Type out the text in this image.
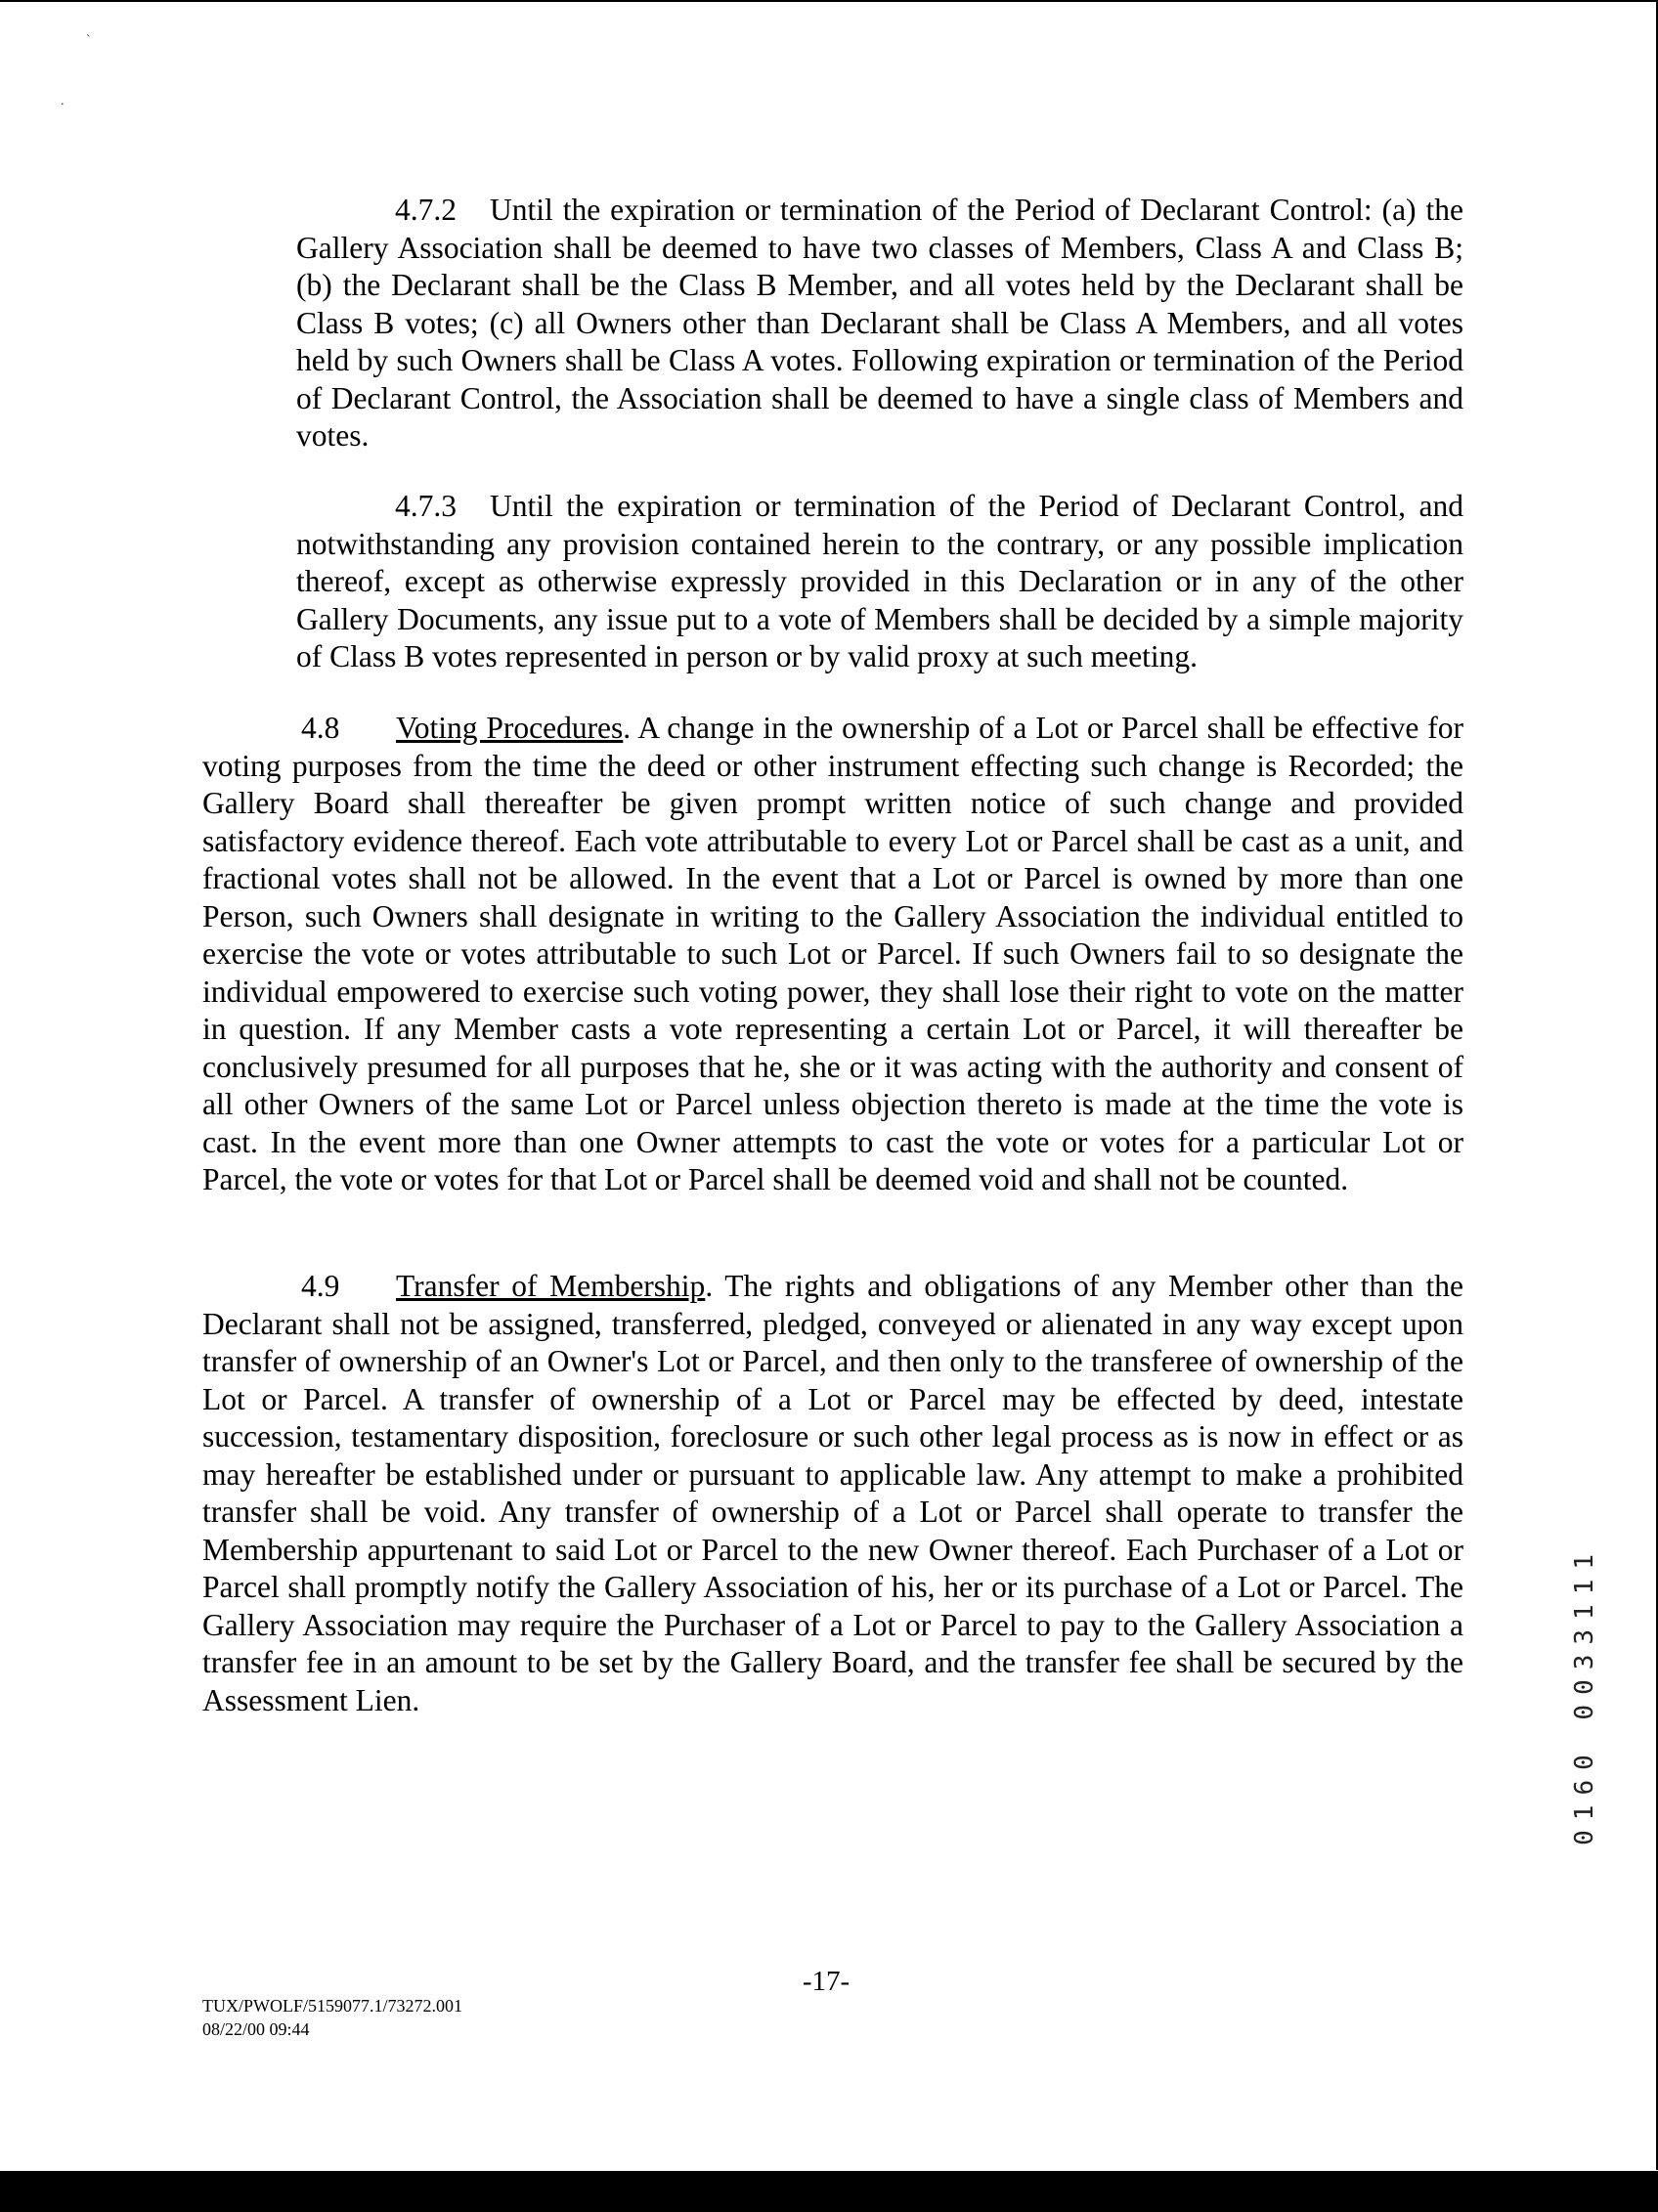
`
.

4.7.2 Until the expiration or termination of the Period of Declarant Control: (a) the Gallery Association shall be deemed to have two classes of Members, Class A and Class B; (b) the Declarant shall be the Class B Member, and all votes held by the Declarant shall be Class B votes; (c) all Owners other than Declarant shall be Class A Members, and all votes held by such Owners shall be Class A votes. Following expiration or termination of the Period of Declarant Control, the Association shall be deemed to have a single class of Members and votes.

4.7.3 Until the expiration or termination of the Period of Declarant Control, and notwithstanding any provision contained herein to the contrary, or any possible implication thereof, except as otherwise expressly provided in this Declaration or in any of the other Gallery Documents, any issue put to a vote of Members shall be decided by a simple majority of Class B votes represented in person or by valid proxy at such meeting.

4.8 Voting Procedures. A change in the ownership of a Lot or Parcel shall be effective for voting purposes from the time the deed or other instrument effecting such change is Recorded; the Gallery Board shall thereafter be given prompt written notice of such change and provided satisfactory evidence thereof. Each vote attributable to every Lot or Parcel shall be cast as a unit, and fractional votes shall not be allowed. In the event that a Lot or Parcel is owned by more than one Person, such Owners shall designate in writing to the Gallery Association the individual entitled to exercise the vote or votes attributable to such Lot or Parcel. If such Owners fail to so designate the individual empowered to exercise such voting power, they shall lose their right to vote on the matter in question. If any Member casts a vote representing a certain Lot or Parcel, it will thereafter be conclusively presumed for all purposes that he, she or it was acting with the authority and consent of all other Owners of the same Lot or Parcel unless objection thereto is made at the time the vote is cast. In the event more than one Owner attempts to cast the vote or votes for a particular Lot or Parcel, the vote or votes for that Lot or Parcel shall be deemed void and shall not be counted.

4.9 Transfer of Membership. The rights and obligations of any Member other than the Declarant shall not be assigned, transferred, pledged, conveyed or alienated in any way except upon transfer of ownership of an Owner's Lot or Parcel, and then only to the transferee of ownership of the Lot or Parcel. A transfer of ownership of a Lot or Parcel may be effected by deed, intestate succession, testamentary disposition, foreclosure or such other legal process as is now in effect or as may hereafter be established under or pursuant to applicable law. Any attempt to make a prohibited transfer shall be void. Any transfer of ownership of a Lot or Parcel shall operate to transfer the Membership appurtenant to said Lot or Parcel to the new Owner thereof. Each Purchaser of a Lot or Parcel shall promptly notify the Gallery Association of his, her or its purchase of a Lot or Parcel. The Gallery Association may require the Purchaser of a Lot or Parcel to pay to the Gallery Association a transfer fee in an amount to be set by the Gallery Board, and the transfer fee shall be secured by the Assessment Lien.

-17-
TUX/PWOLF/5159077.1/73272.001
08/22/00 09:44
0160 0033111
